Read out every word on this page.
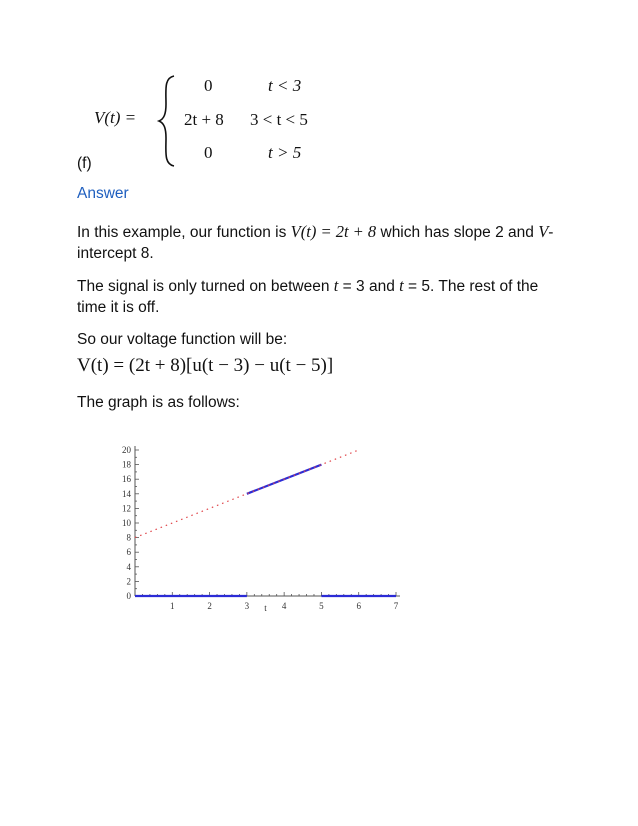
V(t) =
0	t < 3
2t + 8 3 < t < 5
0	t > 5

(f)

Answer

In this example, our function is V(t) = 2t + 8 which has slope 2 and V-intercept 8.

The signal is only turned on between t = 3 and t = 5. The rest of the time it is off.

So our voltage function will be:

V(t) = (2t + 8)[u(t − 3) − u(t − 5)]

The graph is as follows:

0
2
4
6
8
10
12
14
16
18
20
1	2	3	4	5	6	7
t
